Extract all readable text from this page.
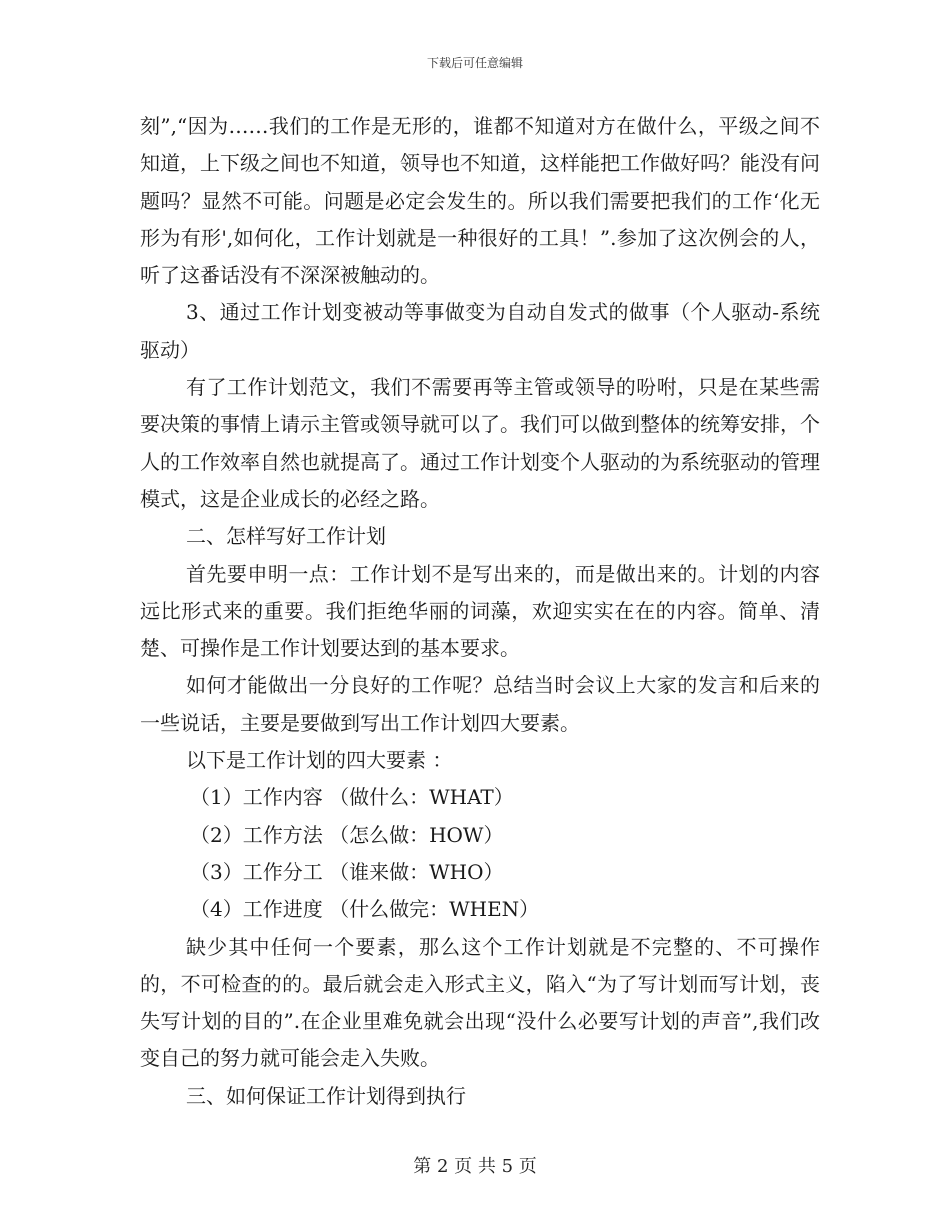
下载后可任意编辑

刻”,“因为……我们的工作是无形的，谁都不知道对方在做什么，平级之间不知道，上下级之间也不知道，领导也不知道，这样能把工作做好吗？能没有问题吗？显然不可能。问题是必定会发生的。所以我们需要把我们的工作‘化无形为有形',如何化，工作计划就是一种很好的工具！”.参加了这次例会的人，听了这番话没有不深深被触动的。

3、通过工作计划变被动等事做变为自动自发式的做事（个人驱动-系统驱动）

有了工作计划范文，我们不需要再等主管或领导的吩咐，只是在某些需要决策的事情上请示主管或领导就可以了。我们可以做到整体的统筹安排，个人的工作效率自然也就提高了。通过工作计划变个人驱动的为系统驱动的管理模式，这是企业成长的必经之路。

二、怎样写好工作计划

首先要申明一点：工作计划不是写出来的，而是做出来的。计划的内容远比形式来的重要。我们拒绝华丽的词藻，欢迎实实在在的内容。简单、清楚、可操作是工作计划要达到的基本要求。

如何才能做出一分良好的工作呢？总结当时会议上大家的发言和后来的一些说话，主要是要做到写出工作计划四大要素。

以下是工作计划的四大要素 ：

（1）工作内容 （做什么：WHAT）

（2）工作方法 （怎么做：HOW）

（3）工作分工 （谁来做：WHO）

（4）工作进度 （什么做完：WHEN）

缺少其中任何一个要素，那么这个工作计划就是不完整的、不可操作的，不可检查的的。最后就会走入形式主义，陷入“为了写计划而写计划，丧失写计划的目的”.在企业里难免就会出现“没什么必要写计划的声音”,我们改变自己的努力就可能会走入失败。

三、如何保证工作计划得到执行

第 2 页 共 5 页
